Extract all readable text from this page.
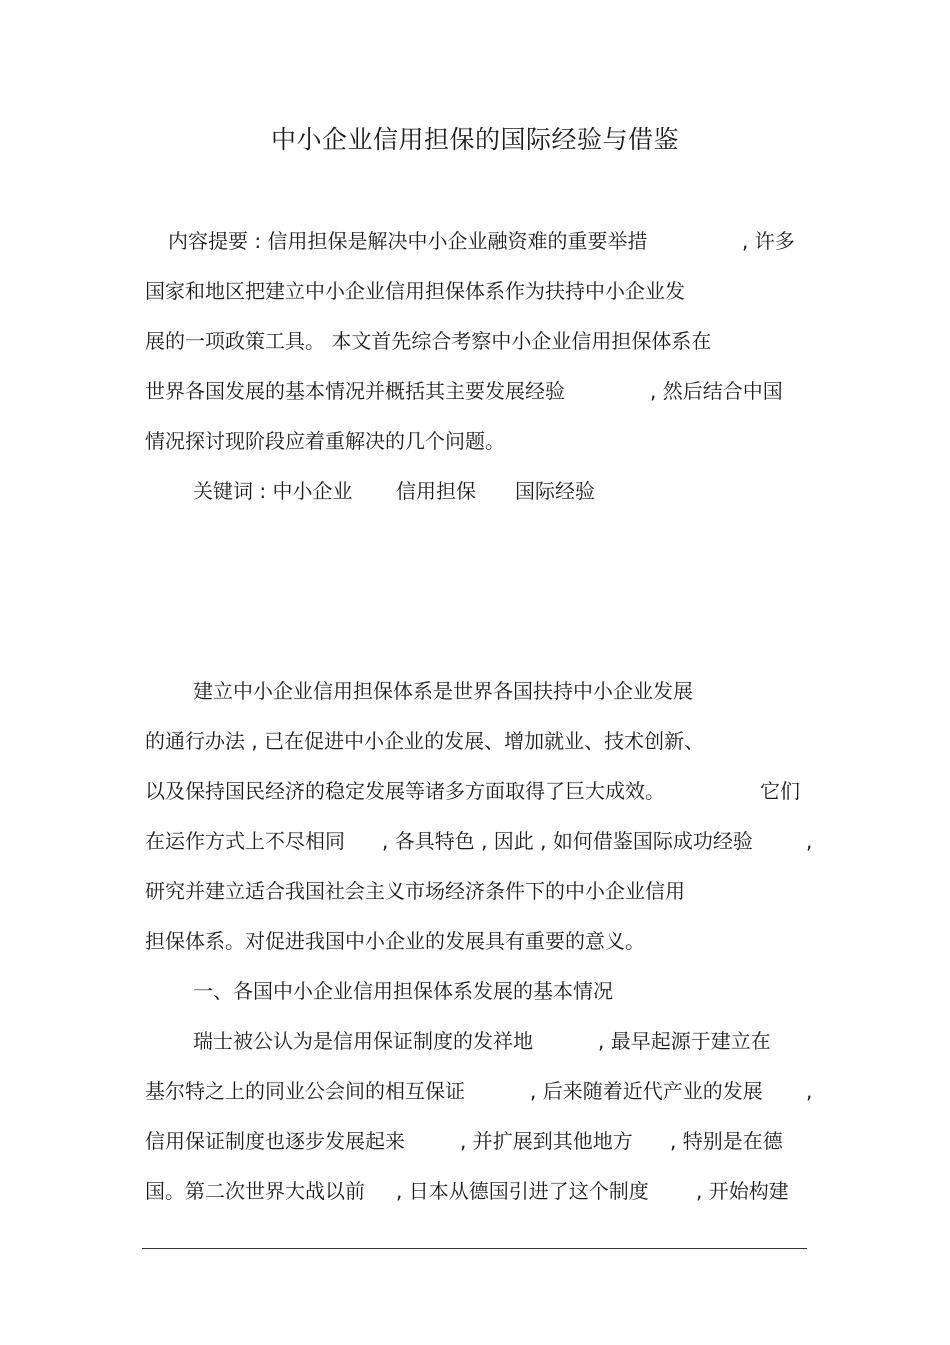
中小企业信用担保的国际经验与借鉴
内容提要 : 信用担保是解决中小企业融资难的重要举措	, 许多
国家和地区把建立中小企业信用担保体系作为扶持中小企业发
展的一项政策工具。 本文首先综合考察中小企业信用担保体系在
世界各国发展的基本情况并概括其主要发展经验	, 然后结合中国
情况探讨现阶段应着重解决的几个问题。
关键词 : 中小企业 信用担保 国际经验
建立中小企业信用担保体系是世界各国扶持中小企业发展
的通行办法 , 已在促进中小企业的发展、增加就业、技术创新、
以及保持国民经济的稳定发展等诸多方面取得了巨大成效。	它们
在运作方式上不尽相同 , 各具特色 , 因此 , 如何借鉴国际成功经验	,
研究并建立适合我国社会主义市场经济条件下的中小企业信用
担保体系。对促进我国中小企业的发展具有重要的意义。
一、各国中小企业信用担保体系发展的基本情况
瑞士被公认为是信用保证制度的发祥地	, 最早起源于建立在
基尔特之上的同业公会间的相互保证	, 后来随着近代产业的发展 ,
信用保证制度也逐步发展起来	, 并扩展到其他地方 , 特别是在德
国。第二次世界大战以前 , 日本从德国引进了这个制度 , 开始构建
